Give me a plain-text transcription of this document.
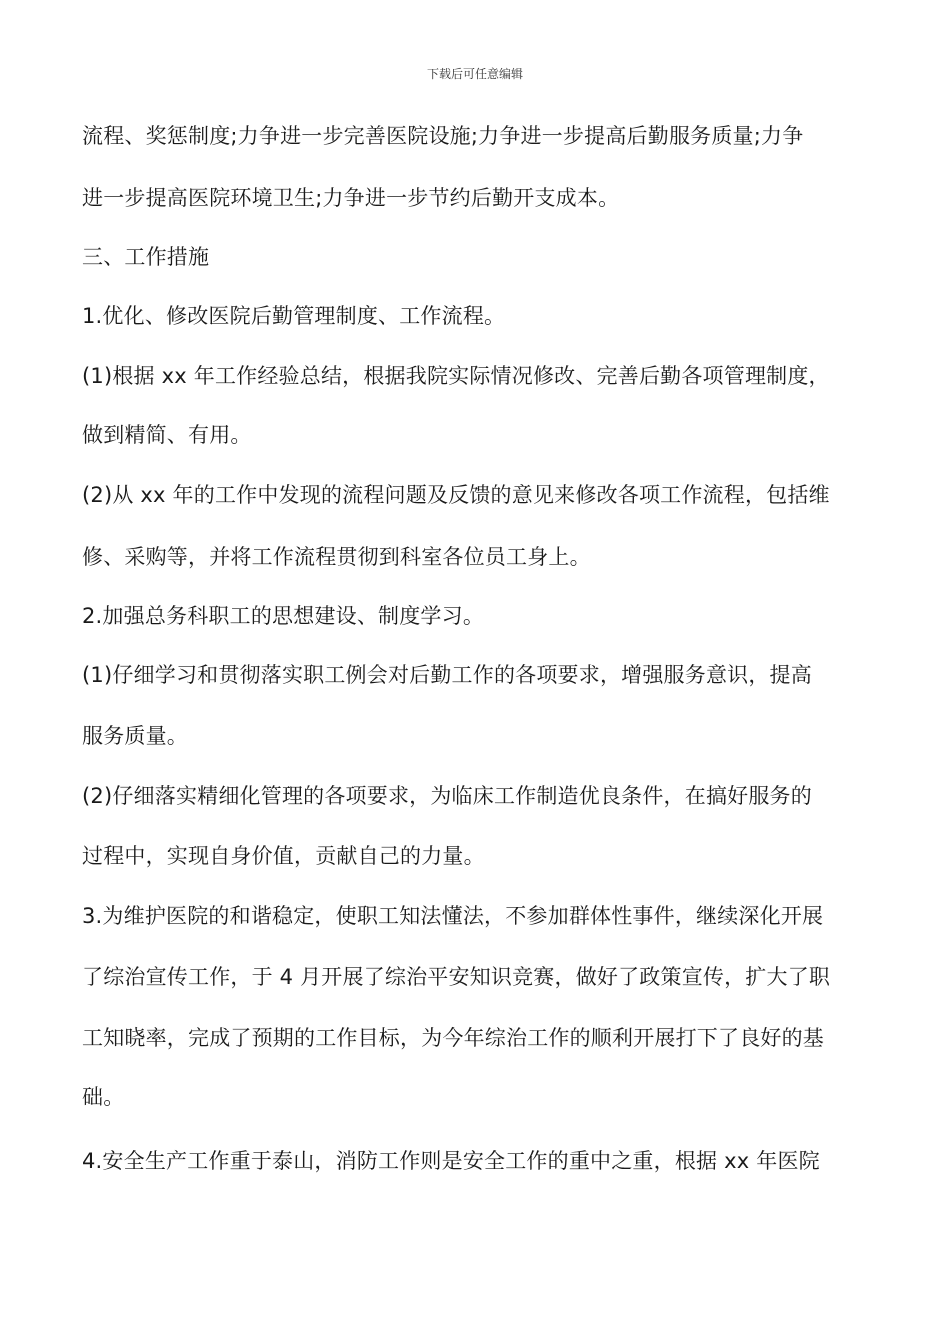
下载后可任意编辑
流程、奖惩制度;力争进一步完善医院设施;力争进一步提高后勤服务质量;力争
进一步提高医院环境卫生;力争进一步节约后勤开支成本。
三、工作措施
1.优化、修改医院后勤管理制度、工作流程。
(1)根据 xx 年工作经验总结，根据我院实际情况修改、完善后勤各项管理制度，
做到精简、有用。
(2)从 xx 年的工作中发现的流程问题及反馈的意见来修改各项工作流程，包括维
修、采购等，并将工作流程贯彻到科室各位员工身上。
2.加强总务科职工的思想建设、制度学习。
(1)仔细学习和贯彻落实职工例会对后勤工作的各项要求，增强服务意识，提高
服务质量。
(2)仔细落实精细化管理的各项要求，为临床工作制造优良条件，在搞好服务的
过程中，实现自身价值，贡献自己的力量。
3.为维护医院的和谐稳定，使职工知法懂法，不参加群体性事件，继续深化开展
了综治宣传工作，于 4 月开展了综治平安知识竞赛，做好了政策宣传，扩大了职
工知晓率，完成了预期的工作目标，为今年综治工作的顺利开展打下了良好的基
础。
4.安全生产工作重于泰山，消防工作则是安全工作的重中之重，根据 xx 年医院
